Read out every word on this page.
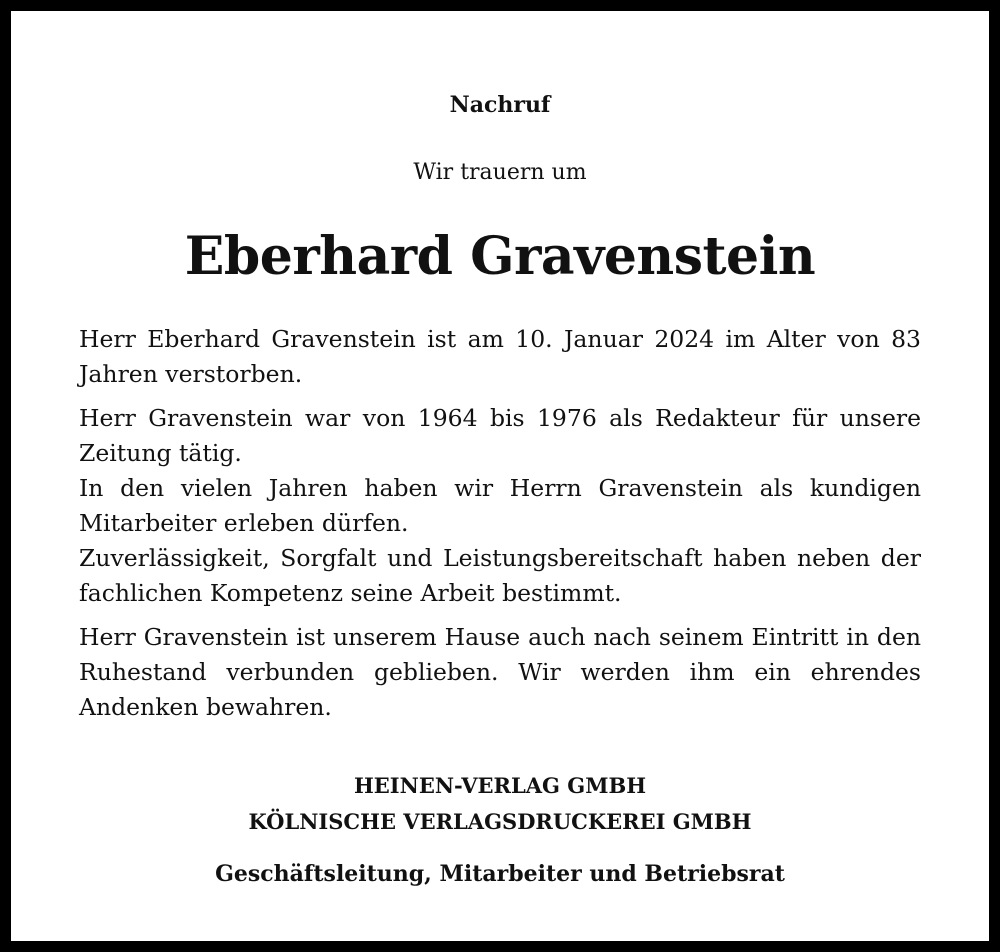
Nachruf
Wir trauern um
Eberhard Gravenstein

Herr Eberhard Gravenstein ist am 10. Januar 2024 im Alter von 83 Jahren verstorben.

Herr Gravenstein war von 1964 bis 1976 als Redakteur für unsere Zeitung tätig.

In den vielen Jahren haben wir Herrn Gravenstein als kundigen Mitarbeiter erleben dürfen.

Zuverlässigkeit, Sorgfalt und Leistungsbereitschaft haben neben der fachlichen Kompetenz seine Arbeit bestimmt.

Herr Gravenstein ist unserem Hause auch nach seinem Eintritt in den Ruhestand verbunden geblieben. Wir werden ihm ein ehrendes Andenken bewahren.

HEINEN-VERLAG GMBH
KÖLNISCHE VERLAGSDRUCKEREI GMBH
Geschäftsleitung, Mitarbeiter und Betriebsrat
